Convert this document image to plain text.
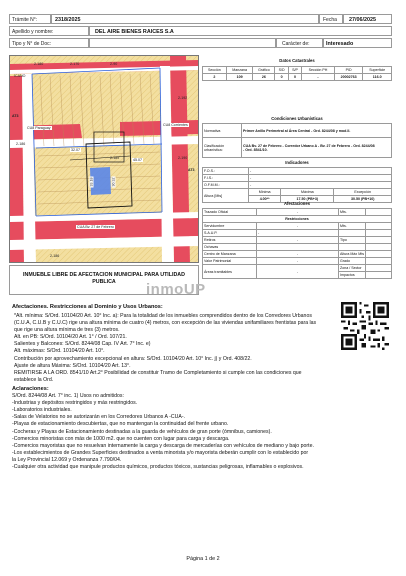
Trámite N°:	2318/2025	Fecha 27/06/2025
Apellido y nombre:	DEL AIRE BIENES RAICES S.A
Tipo y N° de Doc:	Carácter de:	Interesado
2-180
ICANO
AT3
CU8 Paraguay
CU8 Corrientes
2-90
2-189
2-186
2-192
2-190
2-170
32.07
45.07
33.18	30.32
AT3
CUA Bv. 27 de Febrero
2-186
INMUEBLE LIBRE DE AFECTACION MUNICIPAL PARA UTILIDAD
PUBLICA
Datos Catastrales
Sección	Manzana	Gráfico	S/D	S/P	Sección PH	PID	Superficie
2	109	26	0	0	-	20002763	116.0
Condiciones Urbanísticas
Normativa	Primer Anillo Perimetral al Área Central - Ord. 8244/08 y mod.ll.
Clasificación urbanística:	CUA Bv. 27 de Febrero - Corredor Urbano A - Bv. 27 de Febrero - Ord. 8244/08
- Ord. 8541/10.
Indicadores
F.O.S.:	-		
F.I.S.:	-		
O.F.M.M.:	-		
Altura [Mts]	Mínima	Máxima	Excepción
	4.00**	17.50 (PB+3)	30.50 (PB+10)
Afectaciones
Trazado Oficial	-	Mts.	
Restricciones			
Servidumbre	-	Mts.	
S.A.U.P.	-		
Retiros	-	Tipo	
Ochavas			
Centro de Manzana	-	Altura Máx Mts	
Valor Patrimonial	-	Grado	
Áreas tramitables	-	Zona / Sector	
		Impactos	
inmoUP

Afectaciones. Restricciones al Dominio y Usos Urbanos:

*Alt. mínima: S/Ord. 10104/20 Art. 10° Inc. a): Para la totalidad de los inmuebles comprendidos dentro de los Corredores Urbanos

(C.U.A, C.U.B y C.U.C) rige una altura mínima de cuatro (4) metros, con excepción de las viviendas unifamiliares frentistas para las

que rige una altura mínima de tres (3) metros.

Alt. en PB: S/Ord. 10104/20 Art. 1° / Ord. 107/21.

Salientes y Balcones: S/Ord. 8244/08 Cap. IV Art. 7° Inc. e)

Alt. máximas: S/Ord. 10104/20 Art. 10°.

Contribución por aprovechamiento excepcional en altura: S/Ord. 10104/20 Art. 10° Inc. j) y Ord. 408/22.

Ajuste de altura Máxima: S/Ord. 10104/20 Art. 13°.

REMITIRSE A LA ORD. 8541/10 Art.2° Posibilidad de constituir Tramo de Completamiento si cumple con las condiciones que

establece la Ord.

Aclaraciones:

S/Ord. 8244/08 Art. 7° inc. 1) Usos no admitidos:

-Industrias y depósitos restringidos y más restringidos.

-Laboratorios industriales.

-Salas de Velatorios no se autorizarán en los Corredores Urbanos A -CUA-.

-Playas de estacionamiento descubiertas, que no mantengan la continuidad del frente urbano.

-Cocheras y Playas de Estacionamiento destinadas a la guarda de vehículos de gran porte (ómnibus, camiones).

-Comercios minoristas con más de 1000 m2. que no cuenten con lugar para carga y descarga.

-Comercios mayoristas que no resuelvan internamente la carga y descarga de mercaderías con vehículos de mediano y bajo porte.

-Los establecimientos de Grandes Superficies destinados a venta minorista y/o mayorista deberán cumplir con lo establecido por

la Ley Provincial 12.069 y Ordenanza 7.790/04.

-Cualquier otra actividad que manipule productos químicos, productos tóxicos, sustancias peligrosas, inflamables o explosivos.

Página 1 de 2
